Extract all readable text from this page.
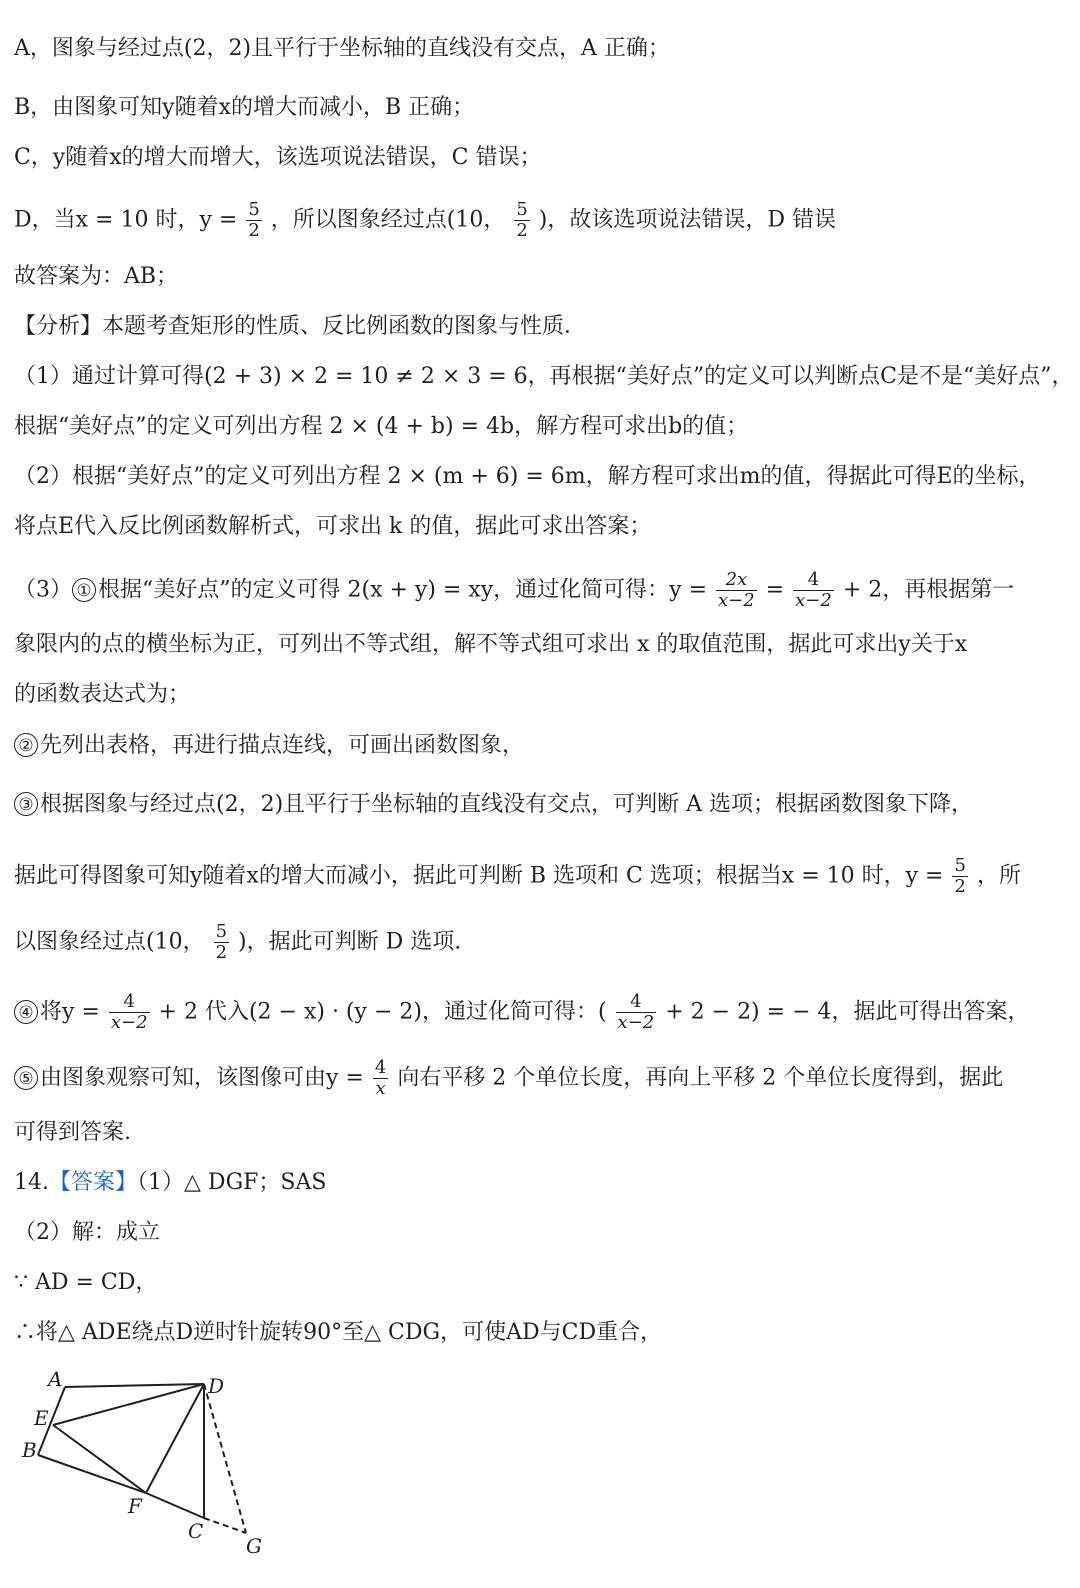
A，图象与经过点(2，2)且平行于坐标轴的直线没有交点，A 正确；
B，由图象可知y随着x的增大而减小，B 正确；
C，y随着x的增大而增大，该选项说法错误，C 错误；
D，当x = 10 时，$y = \frac{5}{2}$ ，所以图象经过点(10， $\frac{5}{2}$ )，故该选项说法错误，D 错误
故答案为：AB；
【分析】本题考查矩形的性质、反比例函数的图象与性质．
（1）通过计算可得(2 + 3) × 2 = 10 ≠ 2 × 3 = 6，再根据“美好点”的定义可以判断点C是不是“美好点”，
根据“美好点”的定义可列出方程 2 × (4 + b) = 4b，解方程可求出b的值；
（2）根据“美好点”的定义可列出方程 2 × (m + 6) = 6m，解方程可求出m的值，得据此可得E的坐标，
将点E代入反比例函数解析式，可求出 k 的值，据此可求出答案；
（3） ① 根据“美好点”的定义可得 2(x + y) = xy，通过化简可得：$y = \frac{2x}{x-2} = \frac{4}{x-2} + 2$，再根据第一
象限内的点的横坐标为正，可列出不等式组，解不等式组可求出 x 的取值范围，据此可求出y关于x
的函数表达式为；
② 先列出表格，再进行描点连线，可画出函数图象，
③ 根据图象与经过点(2，2)且平行于坐标轴的直线没有交点，可判断 A 选项；根据函数图象下降，
据此可得图象可知y随着x的增大而减小，据此可判断 B 选项和 C 选项；根据当x = 10 时，$y = \frac{5}{2}$ ，所
以图象经过点(10， $\frac{5}{2}$ )，据此可判断 D 选项.
④ 将$y = \frac{4}{x-2} + 2$ 代入(2 − x) · (y − 2)，通过化简可得：( $\frac{4}{x-2} + 2 - 2$) = − 4，据此可得出答案，
⑤ 由图象观察可知，该图像可由$y = \frac{4}{x}$ 向右平移 2 个单位长度，再向上平移 2 个单位长度得到，据此
可得到答案.
14.【答案】（1）△ DGF；SAS
（2）解：成立
∵ AD = CD，
∴将△ ADE绕点D逆时针旋转90°至△ CDG，可使AD与CD重合，
A	D
E
B
F
C
G
